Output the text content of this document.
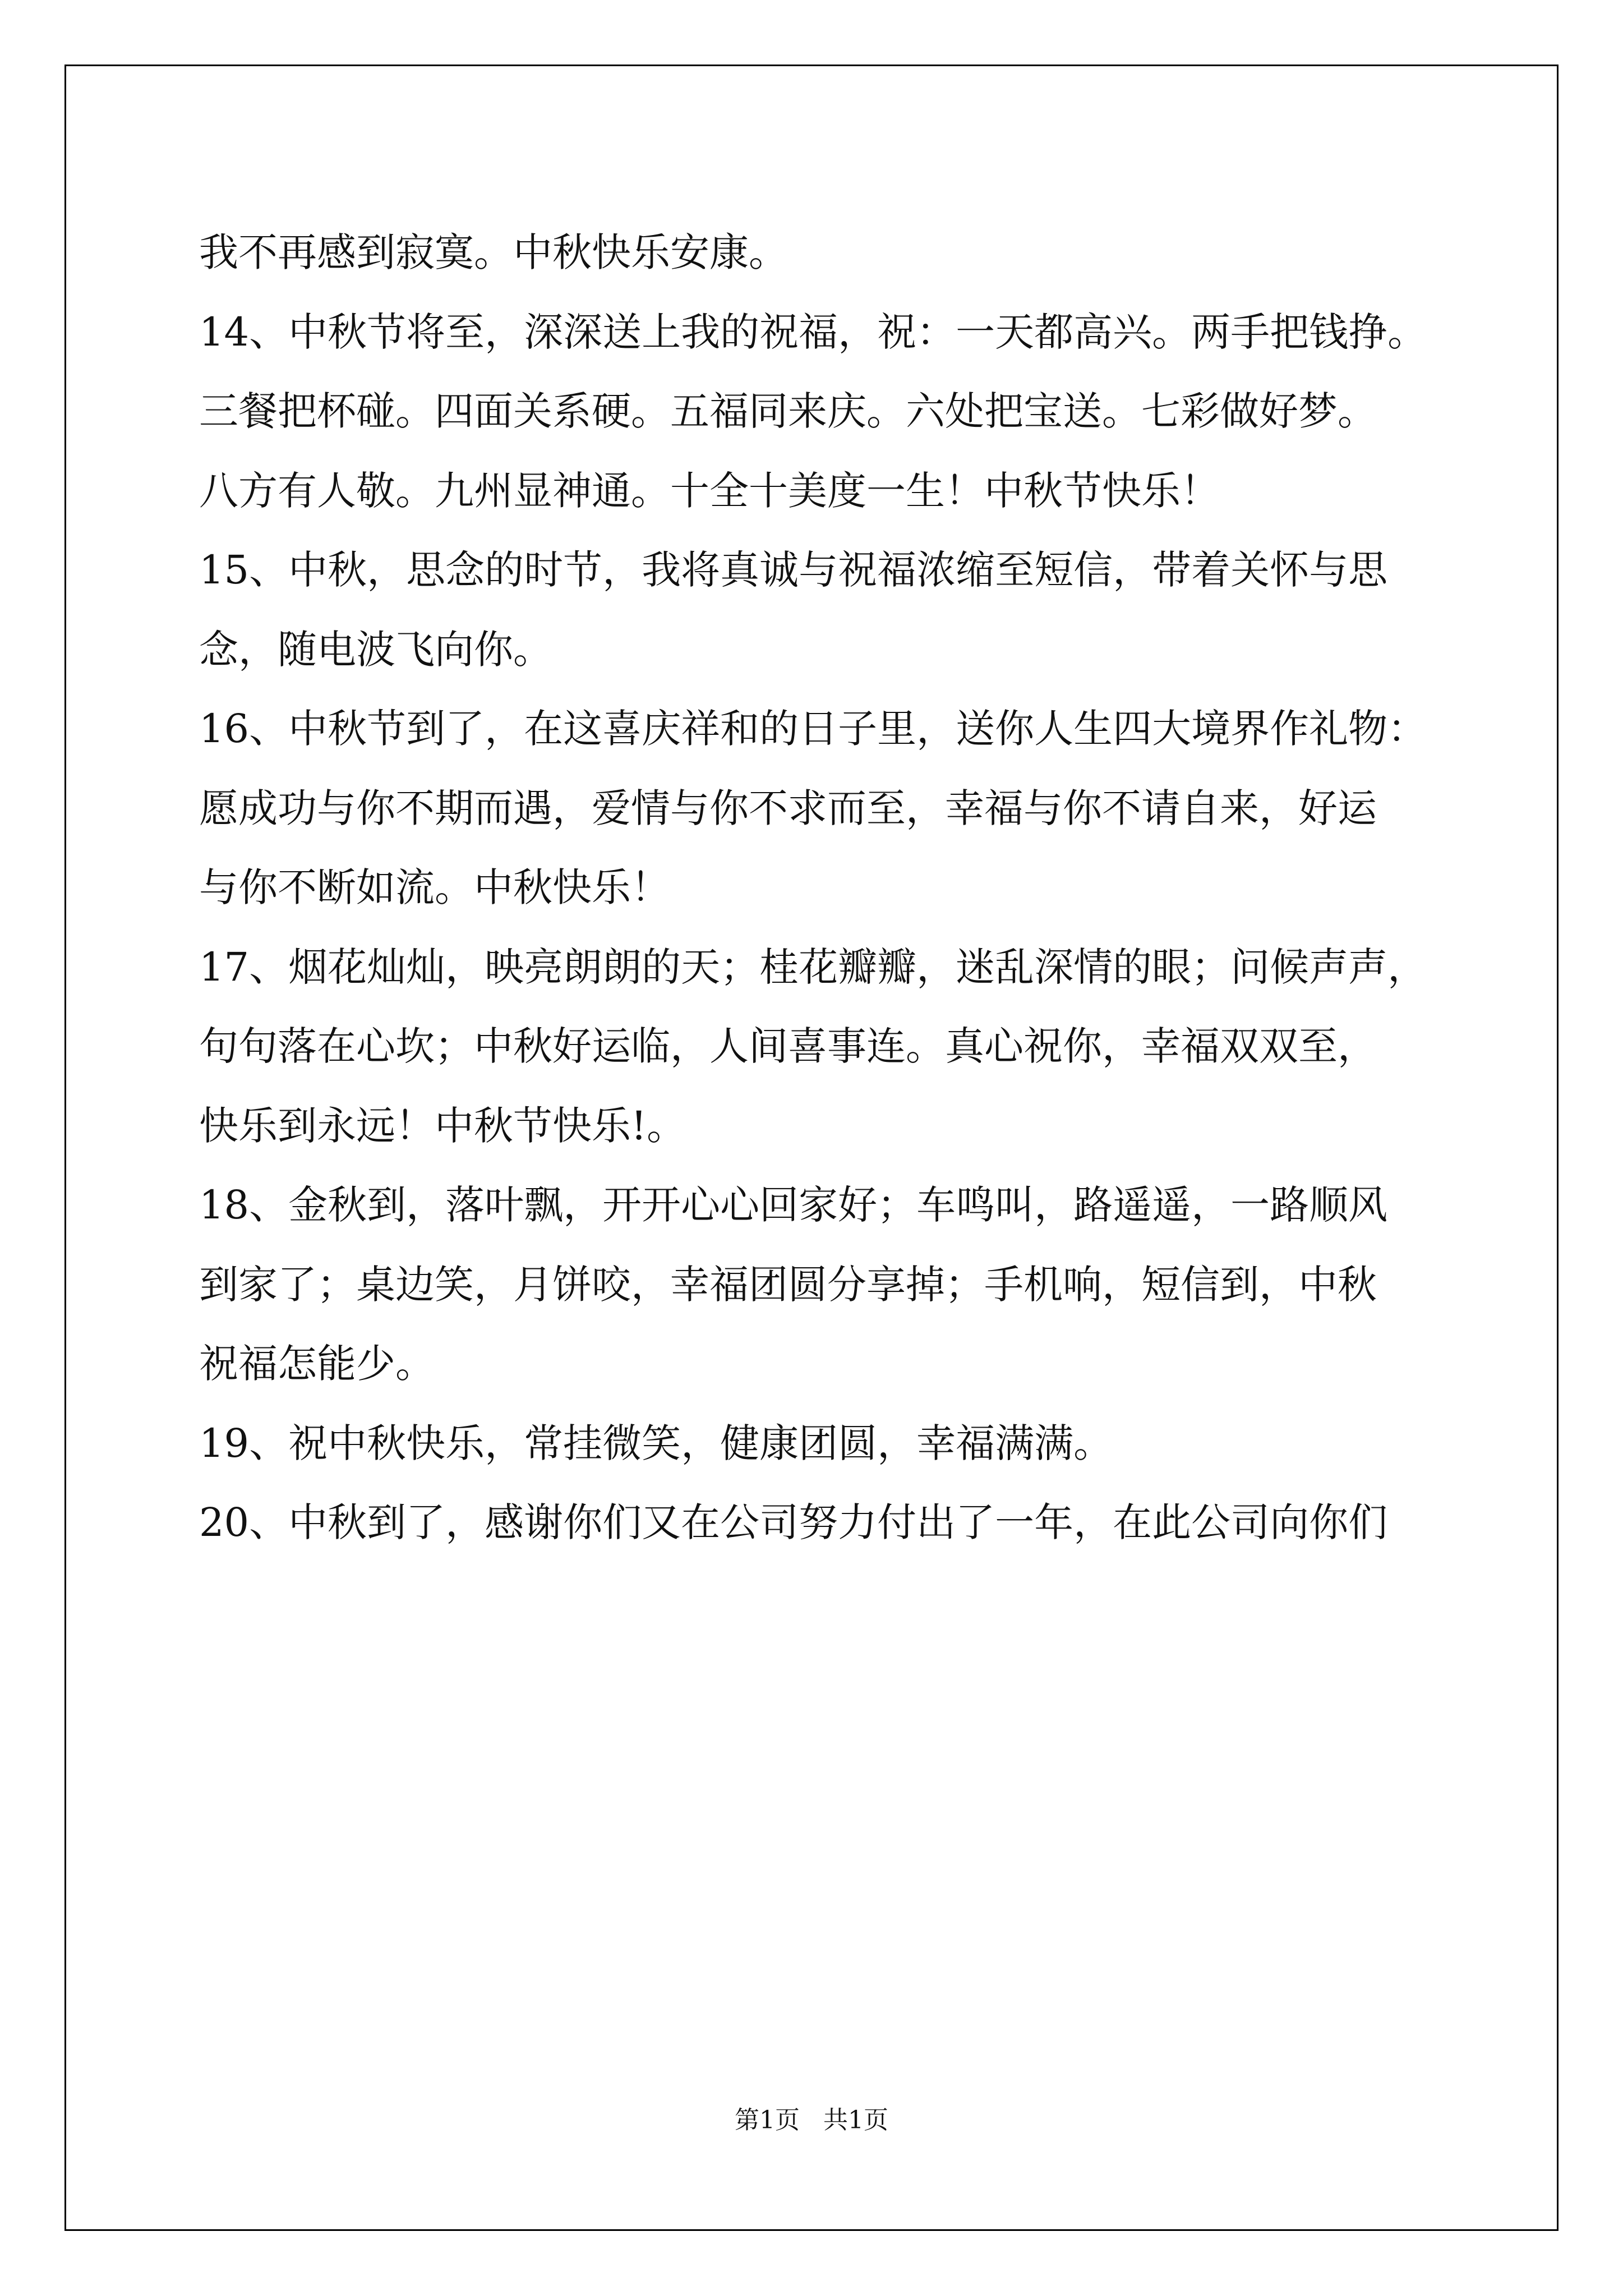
我不再感到寂寞。中秋快乐安康。
14、中秋节将至，深深送上我的祝福，祝：一天都高兴。两手把钱挣。
三餐把杯碰。四面关系硬。五福同来庆。六处把宝送。七彩做好梦。
八方有人敬。九州显神通。十全十美度一生！中秋节快乐！
15、中秋，思念的时节，我将真诚与祝福浓缩至短信，带着关怀与思
念，随电波飞向你。
16、中秋节到了，在这喜庆祥和的日子里，送你人生四大境界作礼物：
愿成功与你不期而遇，爱情与你不求而至，幸福与你不请自来，好运
与你不断如流。中秋快乐！
17、烟花灿灿，映亮朗朗的天；桂花瓣瓣，迷乱深情的眼；问候声声，
句句落在心坎；中秋好运临，人间喜事连。真心祝你，幸福双双至，
快乐到永远！中秋节快乐!。
18、金秋到，落叶飘，开开心心回家好；车鸣叫，路遥遥，一路顺风
到家了；桌边笑，月饼咬，幸福团圆分享掉；手机响，短信到，中秋
祝福怎能少。
19、祝中秋快乐，常挂微笑，健康团圆，幸福满满。
20、中秋到了，感谢你们又在公司努力付出了一年，在此公司向你们
第1页 共1页
